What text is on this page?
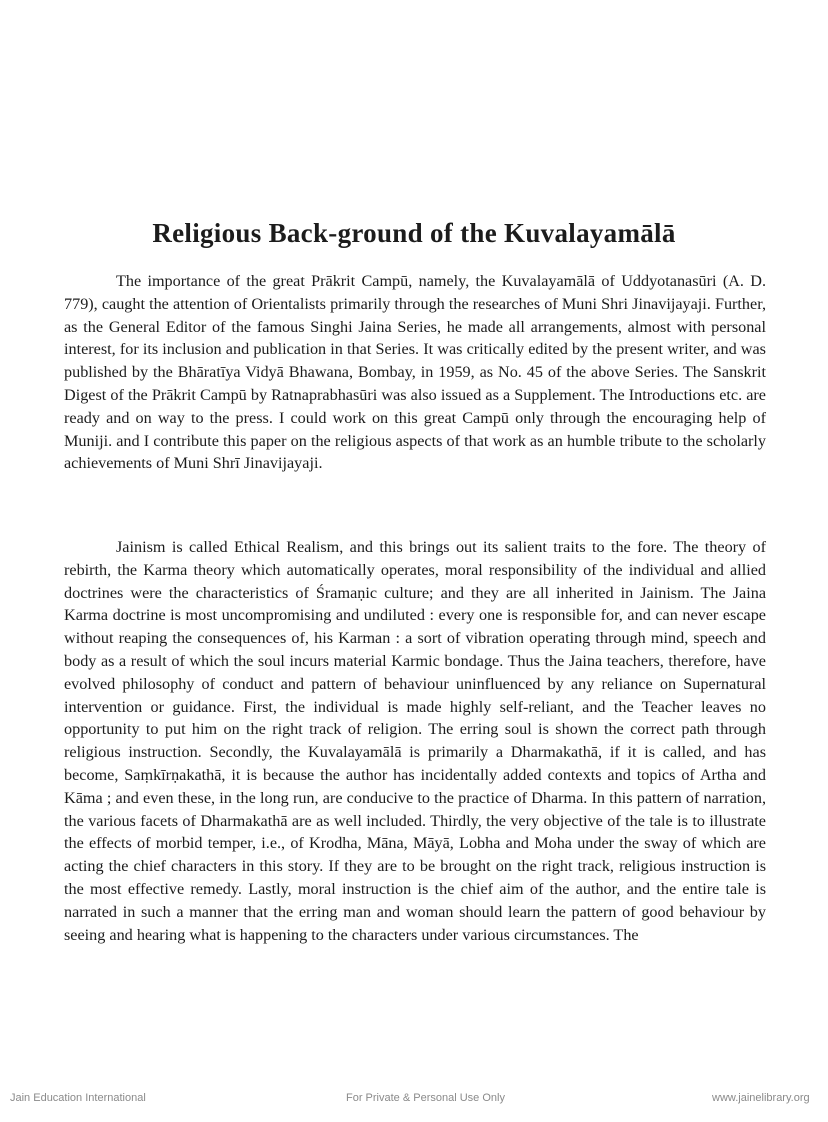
Religious Back-ground of the Kuvalayamālā

The importance of the great Prākrit Campū, namely, the Kuvalayamālā of Uddyotanasūri (A. D. 779), caught the attention of Orientalists primarily through the researches of Muni Shri Jinavijayaji. Further, as the General Editor of the famous Singhi Jaina Series, he made all arrangements, almost with personal interest, for its inclusion and publication in that Series. It was critically edited by the present writer, and was published by the Bhāratīya Vidyā Bhawana, Bombay, in 1959, as No. 45 of the above Series. The Sanskrit Digest of the Prākrit Campū by Ratnaprabhasūri was also issued as a Supplement. The Introductions etc. are ready and on way to the press. I could work on this great Campū only through the encouraging help of Muniji. and I contribute this paper on the religious aspects of that work as an humble tribute to the scholarly achievements of Muni Shrī Jinavijayaji.

Jainism is called Ethical Realism, and this brings out its salient traits to the fore. The theory of rebirth, the Karma theory which automatically operates, moral responsibility of the individual and allied doctrines were the characteristics of Śramaṇic culture; and they are all inherited in Jainism. The Jaina Karma doctrine is most uncompromising and undiluted : every one is responsible for, and can never escape without reaping the consequences of, his Karman : a sort of vibration operating through mind, speech and body as a result of which the soul incurs material Karmic bondage. Thus the Jaina teachers, therefore, have evolved philosophy of conduct and pattern of behaviour uninfluenced by any reliance on Supernatural intervention or guidance. First, the individual is made highly self-reliant, and the Teacher leaves no opportunity to put him on the right track of religion. The erring soul is shown the correct path through religious instruction. Secondly, the Kuvalayamālā is primarily a Dharmakathā, if it is called, and has become, Saṃkīrṇakathā, it is because the author has incidentally added contexts and topics of Artha and Kāma ; and even these, in the long run, are conducive to the practice of Dharma. In this pattern of narration, the various facets of Dharmakathā are as well included. Thirdly, the very objective of the tale is to illustrate the effects of morbid temper, i.e., of Krodha, Māna, Māyā, Lobha and Moha under the sway of which are acting the chief characters in this story. If they are to be brought on the right track, religious instruction is the most effective remedy. Lastly, moral instruction is the chief aim of the author, and the entire tale is narrated in such a manner that the erring man and woman should learn the pattern of good behaviour by seeing and hearing what is happening to the characters under various circumstances. The

Jain Education International	For Private & Personal Use Only	www.jainelibrary.org
